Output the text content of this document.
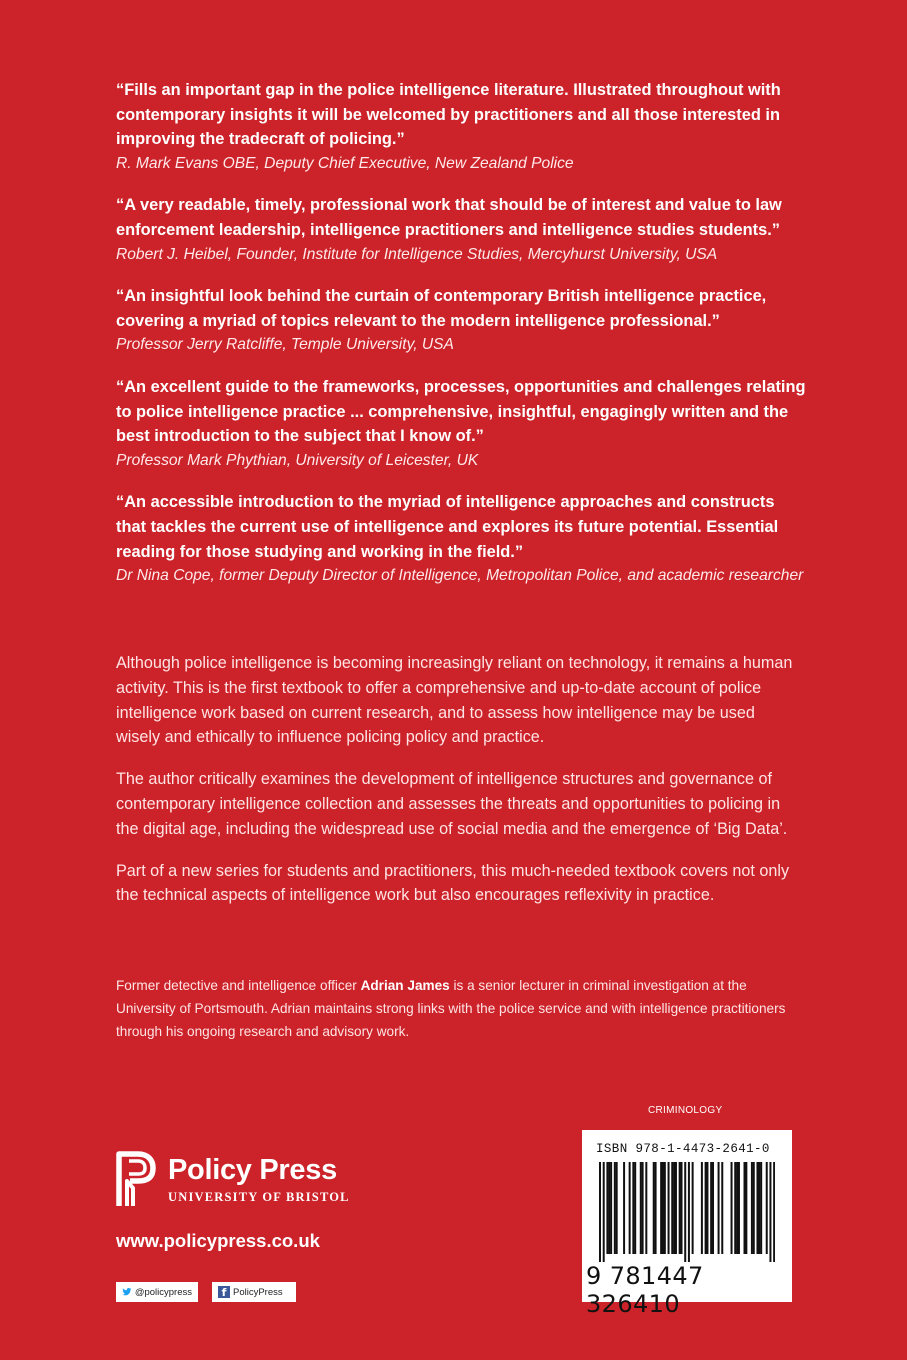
“Fills an important gap in the police intelligence literature. Illustrated throughout with contemporary insights it will be welcomed by practitioners and all those interested in improving the tradecraft of policing.”
R. Mark Evans OBE, Deputy Chief Executive, New Zealand Police
“A very readable, timely, professional work that should be of interest and value to law enforcement leadership, intelligence practitioners and intelligence studies students.”
Robert J. Heibel, Founder, Institute for Intelligence Studies, Mercyhurst University, USA
“An insightful look behind the curtain of contemporary British intelligence practice, covering a myriad of topics relevant to the modern intelligence professional.”
Professor Jerry Ratcliffe, Temple University, USA
“An excellent guide to the frameworks, processes, opportunities and challenges relating to police intelligence practice ... comprehensive, insightful, engagingly written and the best introduction to the subject that I know of.”
Professor Mark Phythian, University of Leicester, UK
“An accessible introduction to the myriad of intelligence approaches and constructs that tackles the current use of intelligence and explores its future potential. Essential reading for those studying and working in the field.”
Dr Nina Cope, former Deputy Director of Intelligence, Metropolitan Police, and academic researcher

Although police intelligence is becoming increasingly reliant on technology, it remains a human activity. This is the first textbook to offer a comprehensive and up-to-date account of police intelligence work based on current research, and to assess how intelligence may be used wisely and ethically to influence policing policy and practice.

The author critically examines the development of intelligence structures and governance of contemporary intelligence collection and assesses the threats and opportunities to policing in the digital age, including the widespread use of social media and the emergence of ‘Big Data’.

Part of a new series for students and practitioners, this much-needed textbook covers not only the technical aspects of intelligence work but also encourages reflexivity in practice.

Former detective and intelligence officer Adrian James is a senior lecturer in criminal investigation at the University of Portsmouth. Adrian maintains strong links with the police service and with intelligence practitioners through his ongoing research and advisory work.
CRIMINOLOGY
Policy Press
UNIVERSITY OF BRISTOL
www.policypress.co.uk
@policypress	f PolicyPress
ISBN 978-1-4473-2641-0
9 781447 326410
